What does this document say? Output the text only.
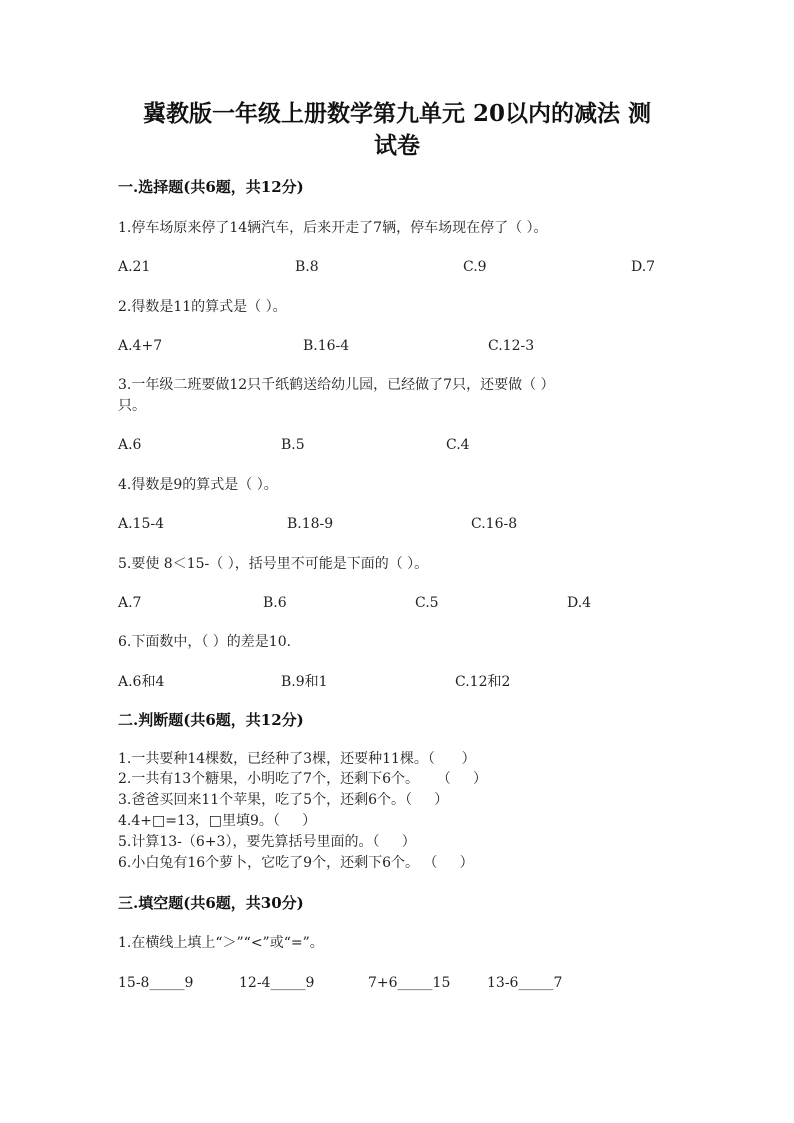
冀教版一年级上册数学第九单元 20以内的减法 测
试卷
一.选择题(共6题，共12分)
1.停车场原来停了14辆汽车，后来开走了7辆，停车场现在停了（ ）。
A.21	B.8	C.9	D.7
2.得数是11的算式是（ ）。
A.4+7	B.16-4	C.12-3
3.一年级二班要做12只千纸鹤送给幼儿园，已经做了7只，还要做（ ）
只。
A.6	B.5	C.4
4.得数是9的算式是（ ）。
A.15-4	B.18-9	C.16-8
5.要使 8＜15-（ ），括号里不可能是下面的（ ）。
A.7	B.6	C.5	D.4
6.下面数中，（ ）的差是10.
A.6和4	B.9和1	C.12和2
二.判断题(共6题，共12分)
1.一共要种14棵数，已经种了3棵，还要种11棵。（      ）
2.一共有13个糖果，小明吃了7个，还剩下6个。    （     ）
3.爸爸买回来11个苹果，吃了5个，还剩6个。（     ）
4.4+□=13，□里填9。（     ）
5.计算13-（6+3），要先算括号里面的。（     ）
6.小白兔有16个萝卜，它吃了9个，还剩下6个。 （     ）
三.填空题(共6题，共30分)
1.在横线上填上“＞”“<”或“=”。
15-8_____9	12-4_____9	7+6_____15	13-6_____7
